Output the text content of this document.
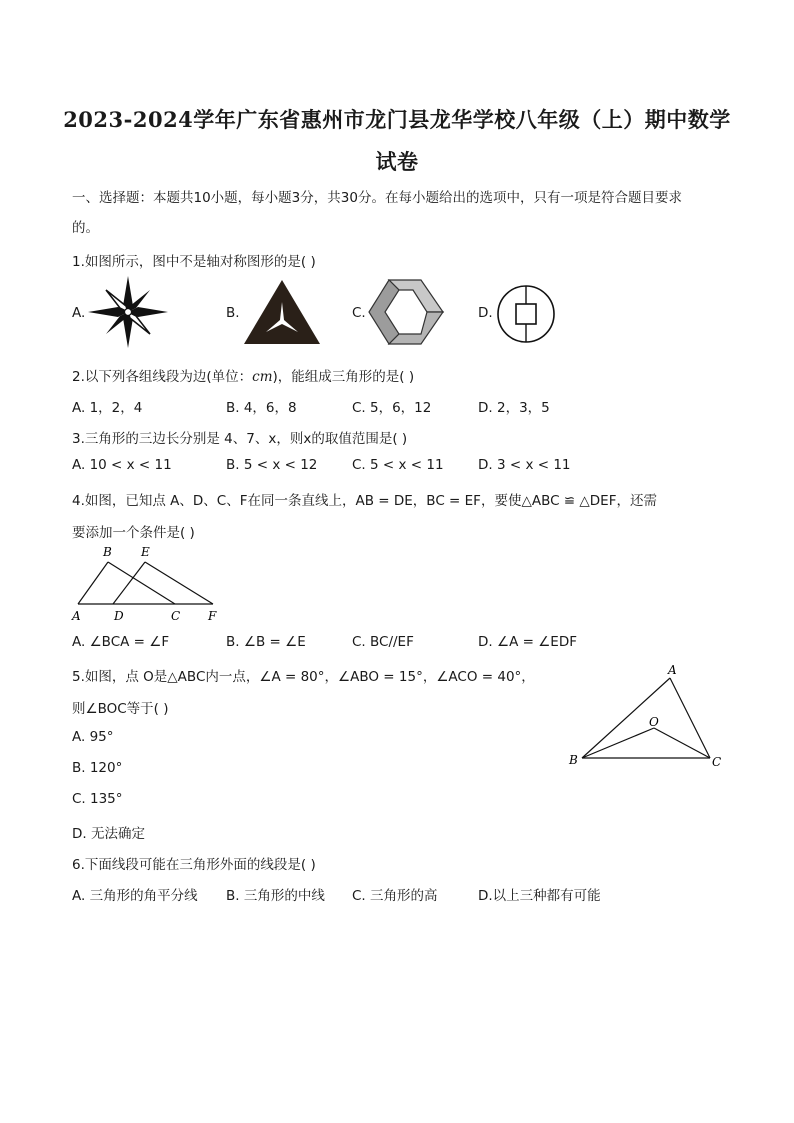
2023-2024学年广东省惠州市龙门县龙华学校八年级（上）期中数学
试卷
一、选择题：本题共10小题，每小题3分，共30分。在每小题给出的选项中，只有一项是符合题目要求
的。
1.如图所示，图中不是轴对称图形的是( )
A.	B.	C.	D.
2.以下列各组线段为边(单位：cm)，能组成三角形的是( )
A. 1，2，4	B. 4，6，8	C. 5，6，12	D. 2，3，5
3.三角形的三边长分别是 4、7、x，则x的取值范围是( )
A. 10 < x < 11	B. 5 < x < 12	C. 5 < x < 11	D. 3 < x < 11
4.如图，已知点 A、D、C、F在同一条直线上，AB = DE，BC = EF，要使△ABC ≌ △DEF，还需
要添加一个条件是( )
B E
A	D	C F
A. ∠BCA = ∠F	B. ∠B = ∠E	C. BC//EF	D. ∠A = ∠EDF
5.如图，点 O是△ABC内一点，∠A = 80°，∠ABO = 15°，∠ACO = 40°，
则∠BOC等于( )
A. 95°
B. 120°
C. 135°
D. 无法确定
A
O
B	C
6.下面线段可能在三角形外面的线段是( )
A. 三角形的角平分线 B. 三角形的中线 C. 三角形的高	D.以上三种都有可能
